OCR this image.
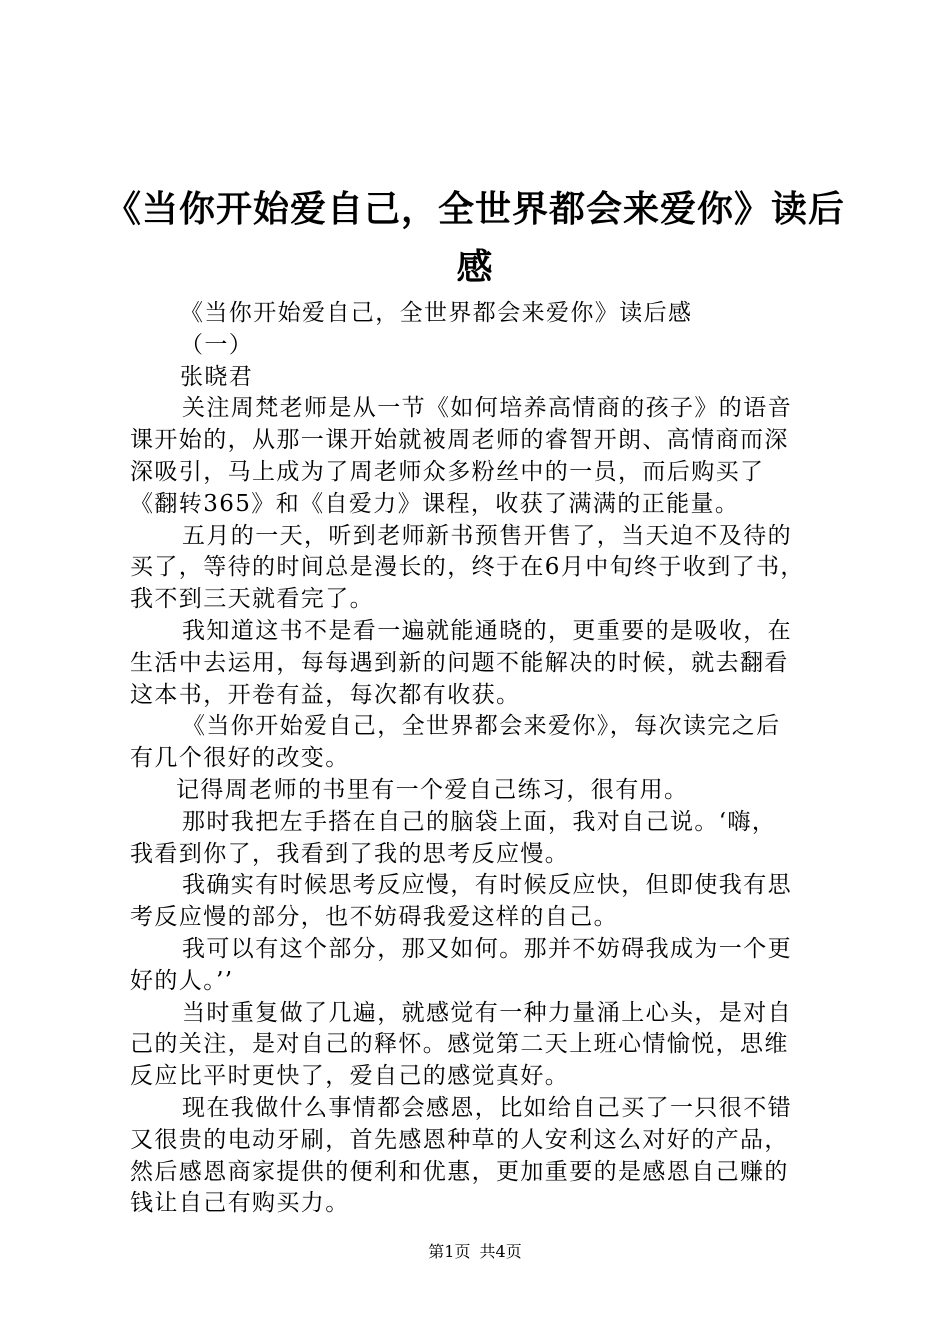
《当你开始爱自己，全世界都会来爱你》读后
感
《当你开始爱自己，全世界都会来爱你》读后感
（一）
张晓君
关注周梵老师是从一节《如何培养高情商的孩子》的语音
课开始的，从那一课开始就被周老师的睿智开朗、高情商而深
深吸引，马上成为了周老师众多粉丝中的一员，而后购买了
《翻转365》和《自爱力》课程，收获了满满的正能量。
五月的一天，听到老师新书预售开售了，当天迫不及待的
买了，等待的时间总是漫长的，终于在6月中旬终于收到了书，
我不到三天就看完了。
我知道这书不是看一遍就能通晓的，更重要的是吸收，在
生活中去运用，每每遇到新的问题不能解决的时候，就去翻看
这本书，开卷有益，每次都有收获。
《当你开始爱自己，全世界都会来爱你》，每次读完之后
有几个很好的改变。
记得周老师的书里有一个爱自己练习，很有用。
那时我把左手搭在自己的脑袋上面，我对自己说。‘嗨，
我看到你了，我看到了我的思考反应慢。
我确实有时候思考反应慢，有时候反应快，但即使我有思
考反应慢的部分，也不妨碍我爱这样的自己。
我可以有这个部分，那又如何。那并不妨碍我成为一个更
好的人。’’
当时重复做了几遍，就感觉有一种力量涌上心头，是对自
己的关注，是对自己的释怀。感觉第二天上班心情愉悦，思维
反应比平时更快了，爱自己的感觉真好。
现在我做什么事情都会感恩，比如给自己买了一只很不错
又很贵的电动牙刷，首先感恩种草的人安利这么对好的产品，
然后感恩商家提供的便利和优惠，更加重要的是感恩自己赚的
钱让自己有购买力。
第1页 共4页
